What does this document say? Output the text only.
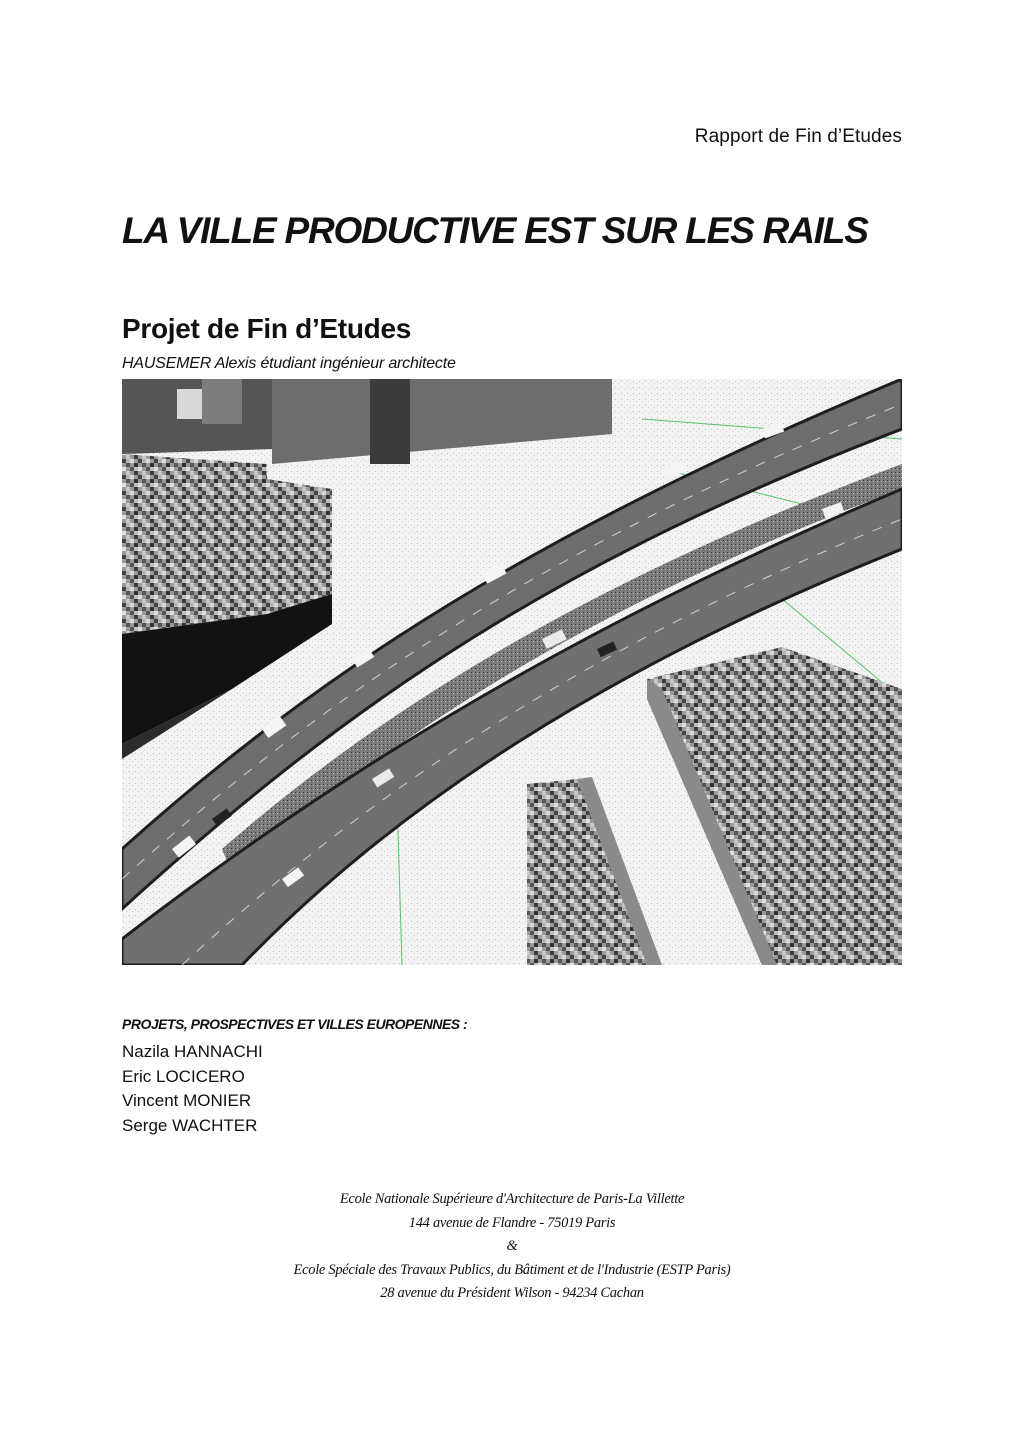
Rapport de Fin d’Etudes
LA VILLE PRODUCTIVE EST SUR LES RAILS
Projet de Fin d’Etudes
HAUSEMER Alexis étudiant ingénieur architecte
PROJETS, PROSPECTIVES ET VILLES EUROPENNES :
Nazila HANNACHI
Eric LOCICERO
Vincent MONIER
Serge WACHTER
Ecole Nationale Supérieure d'Architecture de Paris-La Villette
144 avenue de Flandre - 75019 Paris
&
Ecole Spéciale des Travaux Publics, du Bâtiment et de l'Industrie (ESTP Paris)
28 avenue du Président Wilson - 94234 Cachan
